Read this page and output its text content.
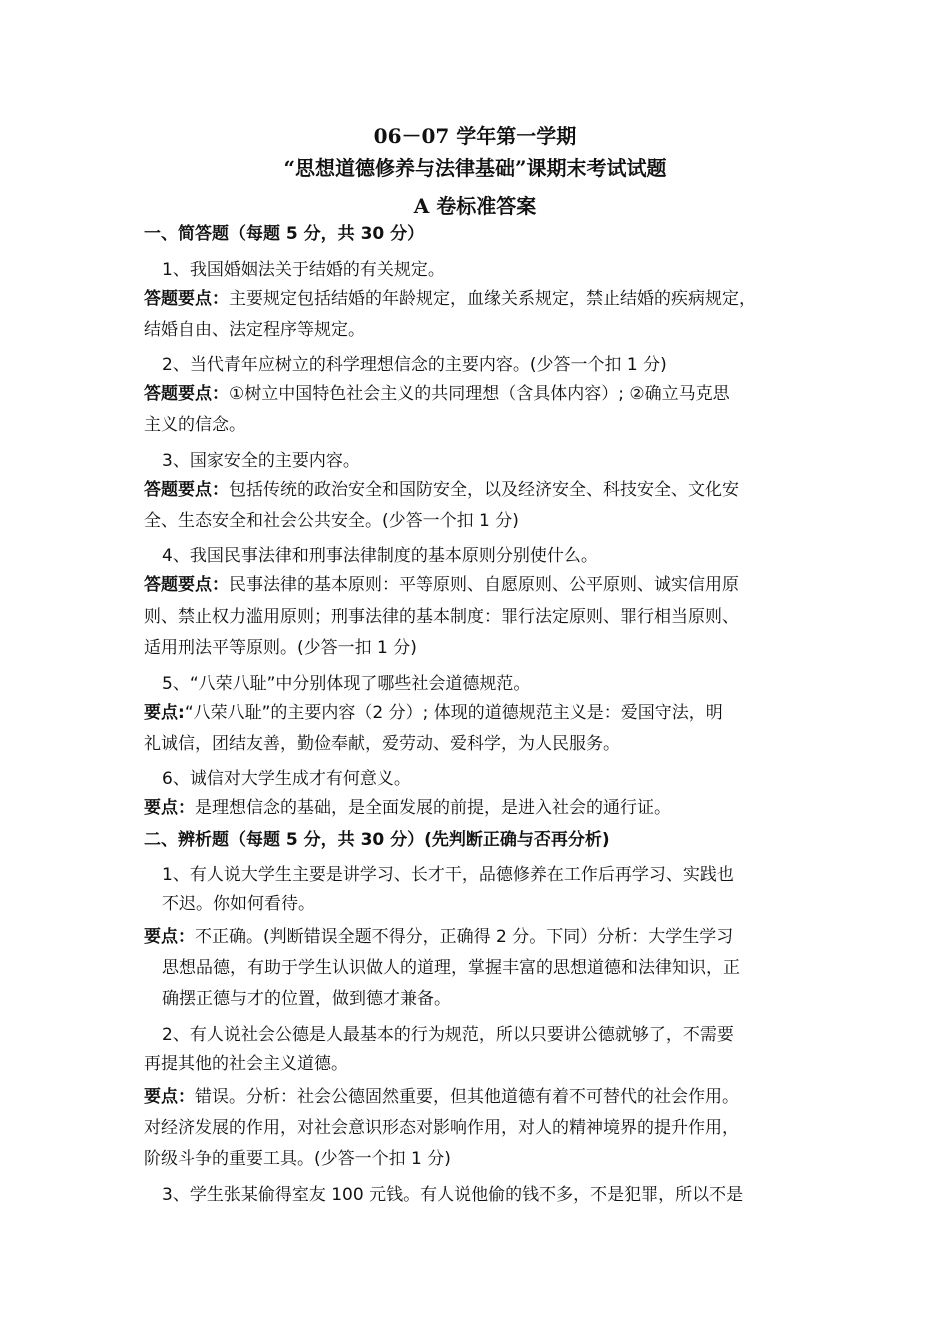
06－07 学年第一学期
“思想道德修养与法律基础”课期末考试试题
A 卷标准答案
一、简答题（每题 5 分，共 30 分）
1、我国婚姻法关于结婚的有关规定。
答题要点：主要规定包括结婚的年龄规定，血缘关系规定，禁止结婚的疾病规定，
结婚自由、法定程序等规定。
2、当代青年应树立的科学理想信念的主要内容。(少答一个扣 1 分)
答题要点：①树立中国特色社会主义的共同理想（含具体内容）; ②确立马克思
主义的信念。
3、国家安全的主要内容。
答题要点：包括传统的政治安全和国防安全，以及经济安全、科技安全、文化安
全、生态安全和社会公共安全。(少答一个扣 1 分)
4、我国民事法律和刑事法律制度的基本原则分别使什么。
答题要点：民事法律的基本原则：平等原则、自愿原则、公平原则、诚实信用原
则、禁止权力滥用原则；刑事法律的基本制度：罪行法定原则、罪行相当原则、
适用刑法平等原则。(少答一扣 1 分)
5、“八荣八耻”中分别体现了哪些社会道德规范。
要点:“八荣八耻”的主要内容（2 分）; 体现的道德规范主义是：爱国守法，明
礼诚信，团结友善，勤俭奉献，爱劳动、爱科学，为人民服务。
6、诚信对大学生成才有何意义。
要点：是理想信念的基础，是全面发展的前提，是进入社会的通行证。
二、辨析题（每题 5 分，共 30 分）(先判断正确与否再分析)
1、有人说大学生主要是讲学习、长才干，品德修养在工作后再学习、实践也
不迟。你如何看待。
要点：不正确。(判断错误全题不得分，正确得 2 分。下同）分析：大学生学习
思想品德，有助于学生认识做人的道理，掌握丰富的思想道德和法律知识，正
确摆正德与才的位置，做到德才兼备。
2、有人说社会公德是人最基本的行为规范，所以只要讲公德就够了，不需要
再提其他的社会主义道德。
要点：错误。分析：社会公德固然重要，但其他道德有着不可替代的社会作用。
对经济发展的作用，对社会意识形态对影响作用，对人的精神境界的提升作用，
阶级斗争的重要工具。(少答一个扣 1 分)
3、学生张某偷得室友 100 元钱。有人说他偷的钱不多，不是犯罪，所以不是
